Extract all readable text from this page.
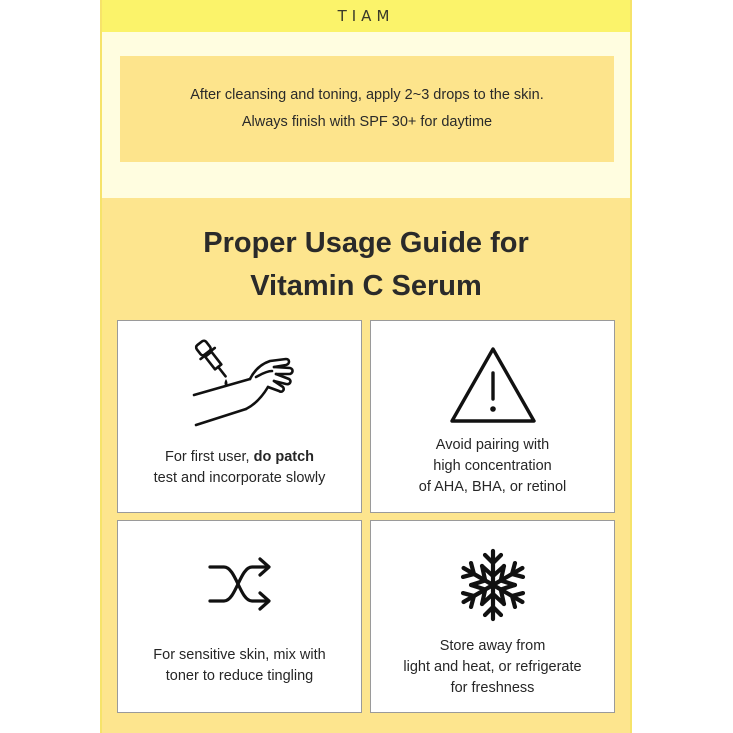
TIAM
After cleansing and toning, apply 2~3 drops to the skin.
Always finish with SPF 30+ for daytime
Proper Usage Guide for
Vitamin C Serum
For first user, do patch
test and incorporate slowly
Avoid pairing with
high concentration
of AHA, BHA, or retinol
For sensitive skin, mix with
toner to reduce tingling
Store away from
light and heat, or refrigerate
for freshness
